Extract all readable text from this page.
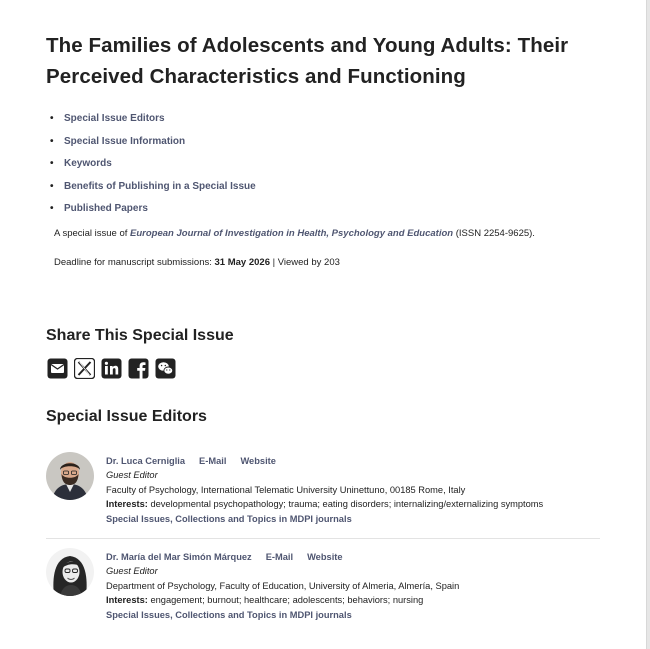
The Families of Adolescents and Young Adults: Their Perceived Characteristics and Functioning
• Special Issue Editors
• Special Issue Information
• Keywords
• Benefits of Publishing in a Special Issue
• Published Papers
A special issue of European Journal of Investigation in Health, Psychology and Education (ISSN 2254-9625).
Deadline for manuscript submissions: 31 May 2026 | Viewed by 203
Share This Special Issue
Special Issue Editors
Dr. Luca Cerniglia E-Mail Website
Guest Editor
Faculty of Psychology, International Telematic University Uninettuno, 00185 Rome, Italy
Interests: developmental psychopathology; trauma; eating disorders; internalizing/externalizing symptoms
Special Issues, Collections and Topics in MDPI journals
Dr. María del Mar Simón Márquez E-Mail Website
Guest Editor
Department of Psychology, Faculty of Education, University of Almeria, Almería, Spain
Interests: engagement; burnout; healthcare; adolescents; behaviors; nursing
Special Issues, Collections and Topics in MDPI journals
